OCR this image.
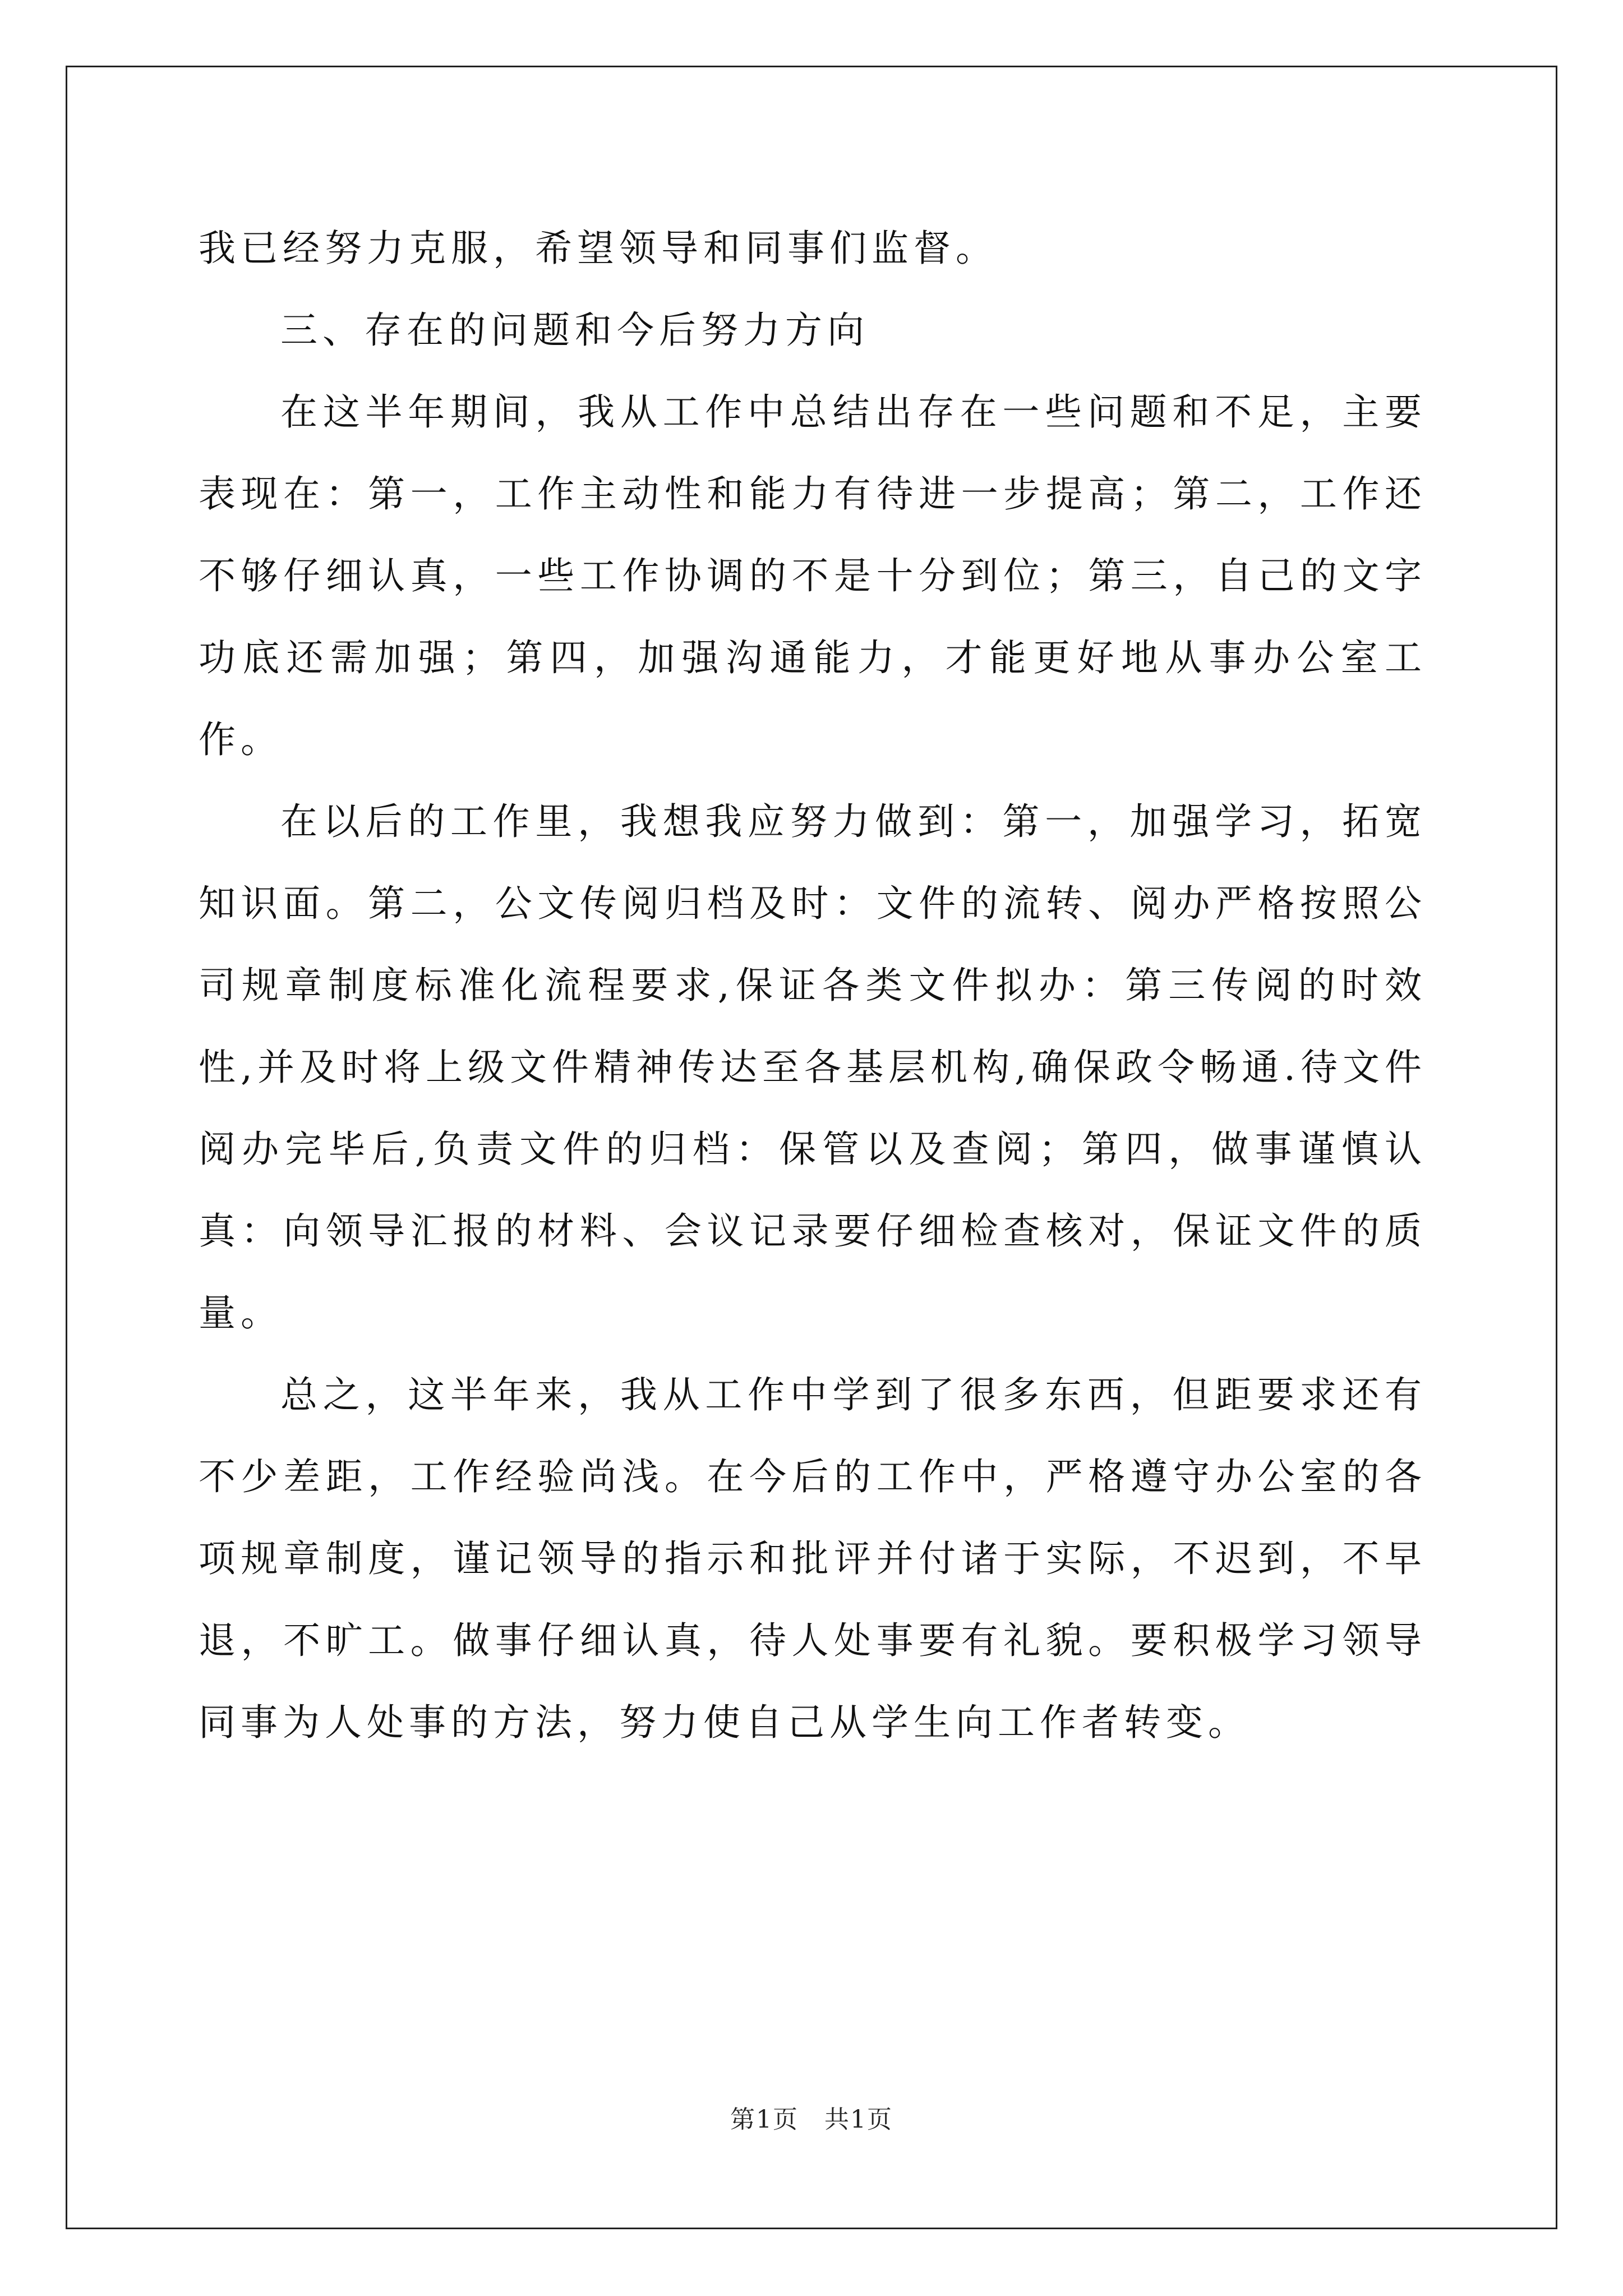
我已经努力克服，希望领导和同事们监督。

三、存在的问题和今后努力方向

在这半年期间，我从工作中总结出存在一些问题和不足，主要表现在：第一，工作主动性和能力有待进一步提高；第二，工作还不够仔细认真，一些工作协调的不是十分到位；第三，自己的文字功底还需加强；第四，加强沟通能力，才能更好地从事办公室工作。

在以后的工作里，我想我应努力做到：第一，加强学习，拓宽知识面。第二，公文传阅归档及时：文件的流转、阅办严格按照公司规章制度标准化流程要求,保证各类文件拟办：第三传阅的时效性,并及时将上级文件精神传达至各基层机构,确保政令畅通.待文件阅办完毕后,负责文件的归档：保管以及查阅；第四，做事谨慎认真：向领导汇报的材料、会议记录要仔细检查核对，保证文件的质量。

总之，这半年来，我从工作中学到了很多东西，但距要求还有不少差距，工作经验尚浅。在今后的工作中，严格遵守办公室的各项规章制度，谨记领导的指示和批评并付诸于实际，不迟到，不早退，不旷工。做事仔细认真，待人处事要有礼貌。要积极学习领导同事为人处事的方法，努力使自己从学生向工作者转变。

第1页　共1页
